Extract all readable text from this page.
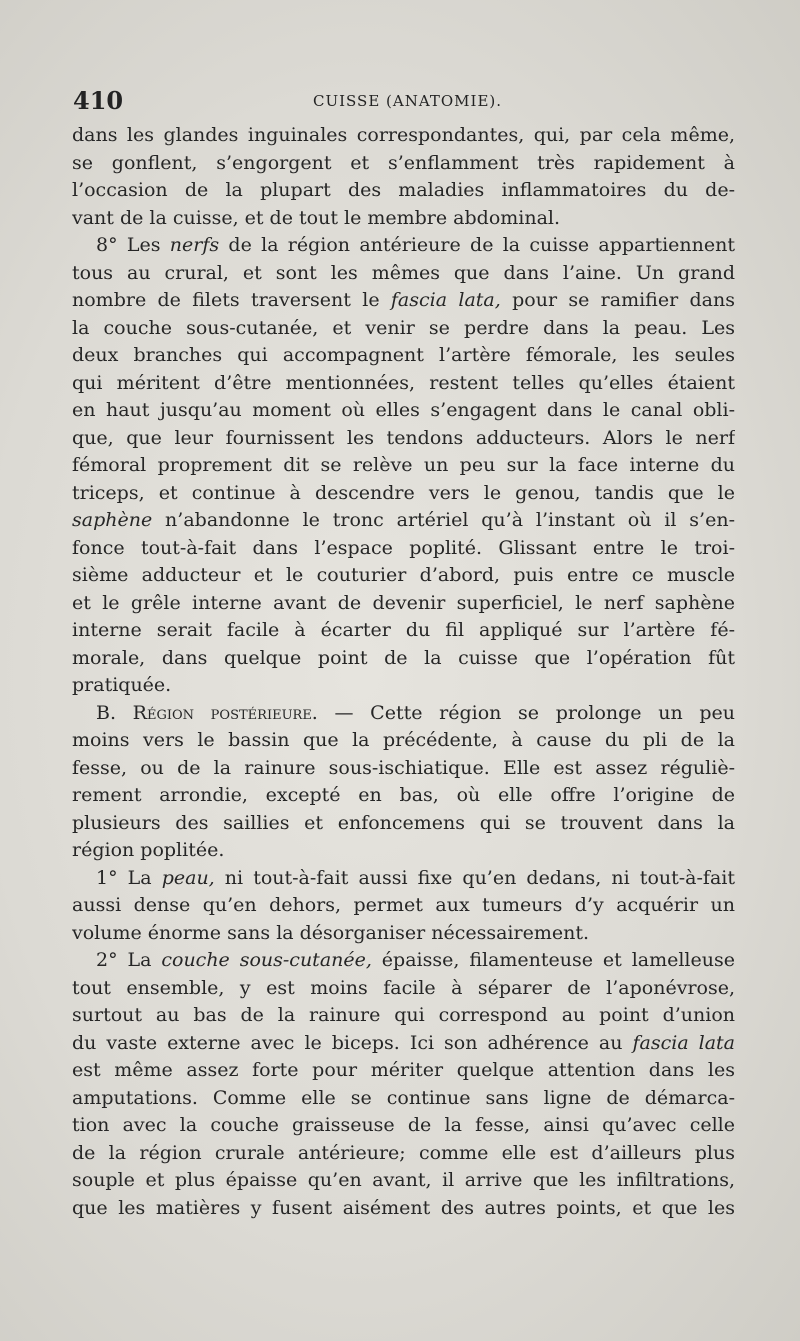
410	CUISSE (ANATOMIE).
dans les glandes inguinales correspondantes, qui, par cela même,
se gonflent, s’engorgent et s’enflamment très rapidement à
l’occasion de la plupart des maladies inflammatoires du de-
vant de la cuisse, et de tout le membre abdominal.
8° Les nerfs de la région antérieure de la cuisse appartiennent
tous au crural, et sont les mêmes que dans l’aine. Un grand
nombre de filets traversent le fascia lata, pour se ramifier dans
la couche sous-cutanée, et venir se perdre dans la peau. Les
deux branches qui accompagnent l’artère fémorale, les seules
qui méritent d’être mentionnées, restent telles qu’elles étaient
en haut jusqu’au moment où elles s’engagent dans le canal obli-
que, que leur fournissent les tendons adducteurs. Alors le nerf
fémoral proprement dit se relève un peu sur la face interne du
triceps, et continue à descendre vers le genou, tandis que le
saphène n’abandonne le tronc artériel qu’à l’instant où il s’en-
fonce tout-à-fait dans l’espace poplité. Glissant entre le troi-
sième adducteur et le couturier d’abord, puis entre ce muscle
et le grêle interne avant de devenir superficiel, le nerf saphène
interne serait facile à écarter du fil appliqué sur l’artère fé-
morale, dans quelque point de la cuisse que l’opération fût
pratiquée.
B. Région postérieure. — Cette région se prolonge un peu
moins vers le bassin que la précédente, à cause du pli de la
fesse, ou de la rainure sous-ischiatique. Elle est assez réguliè-
rement arrondie, excepté en bas, où elle offre l’origine de
plusieurs des saillies et enfoncemens qui se trouvent dans la
région poplitée.
1° La peau, ni tout-à-fait aussi fixe qu’en dedans, ni tout-à-fait
aussi dense qu’en dehors, permet aux tumeurs d’y acquérir un
volume énorme sans la désorganiser nécessairement.
2° La couche sous-cutanée, épaisse, filamenteuse et lamelleuse
tout ensemble, y est moins facile à séparer de l’aponévrose,
surtout au bas de la rainure qui correspond au point d’union
du vaste externe avec le biceps. Ici son adhérence au fascia lata
est même assez forte pour mériter quelque attention dans les
amputations. Comme elle se continue sans ligne de démarca-
tion avec la couche graisseuse de la fesse, ainsi qu’avec celle
de la région crurale antérieure; comme elle est d’ailleurs plus
souple et plus épaisse qu’en avant, il arrive que les infiltrations,
que les matières y fusent aisément des autres points, et que les
